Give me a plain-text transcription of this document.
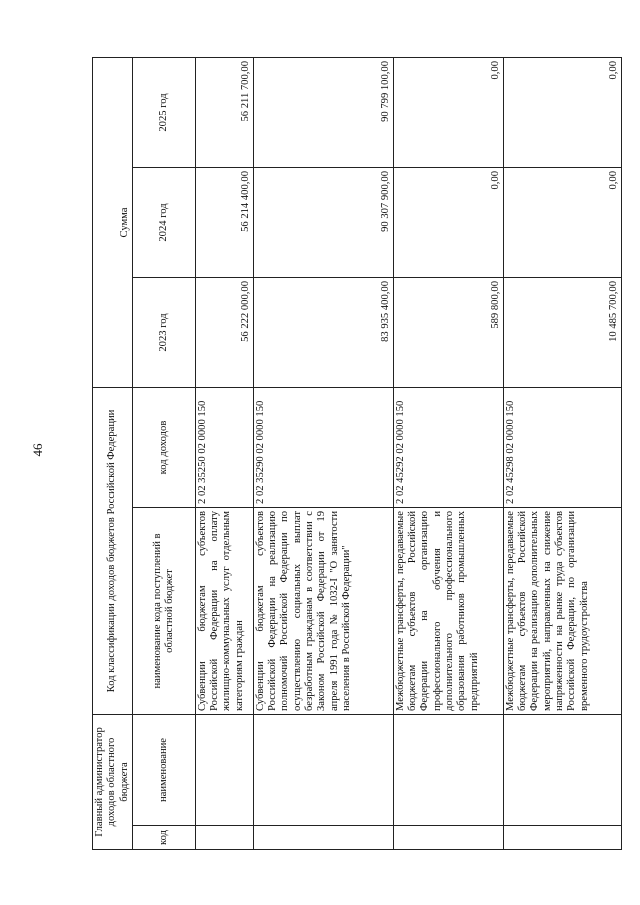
46
Главный администратор доходов областного бюджета		Код классификации доходов бюджетов Российской Федерации		Сумма		
код	наименование	наименование кода поступлений в областной бюджет	код доходов	2023 год	2024 год	2025 год
		Субвенции бюджетам субъектов Российской Федерации на оплату жилищно-коммунальных услуг отдельным категориям граждан	2 02 35250 02 0000 150	56 222 000,00	56 214 400,00	56 211 700,00
		Субвенции бюджетам субъектов Российской Федерации на реализацию полномочий Российской Федерации по осуществлению социальных выплат безработным гражданам в соответствии с Законом Российской Федерации от 19 апреля 1991 года № 1032-I "О занятости населения в Российской Федерации"	2 02 35290 02 0000 150	83 935 400,00	90 307 900,00	90 799 100,00
		Межбюджетные трансферты, передаваемые бюджетам субъектов Российской Федерации на организацию профессионального обучения и дополнительного профессионального образования работников промышленных предприятий	2 02 45292 02 0000 150	589 800,00	0,00	0,00
		Межбюджетные трансферты, передаваемые бюджетам субъектов Российской Федерации на реализацию дополнительных мероприятий, направленных на снижение напряженности на рынке труда субъектов Российской Федерации, по организации временного трудоустройства	2 02 45298 02 0000 150	10 485 700,00	0,00	0,00
